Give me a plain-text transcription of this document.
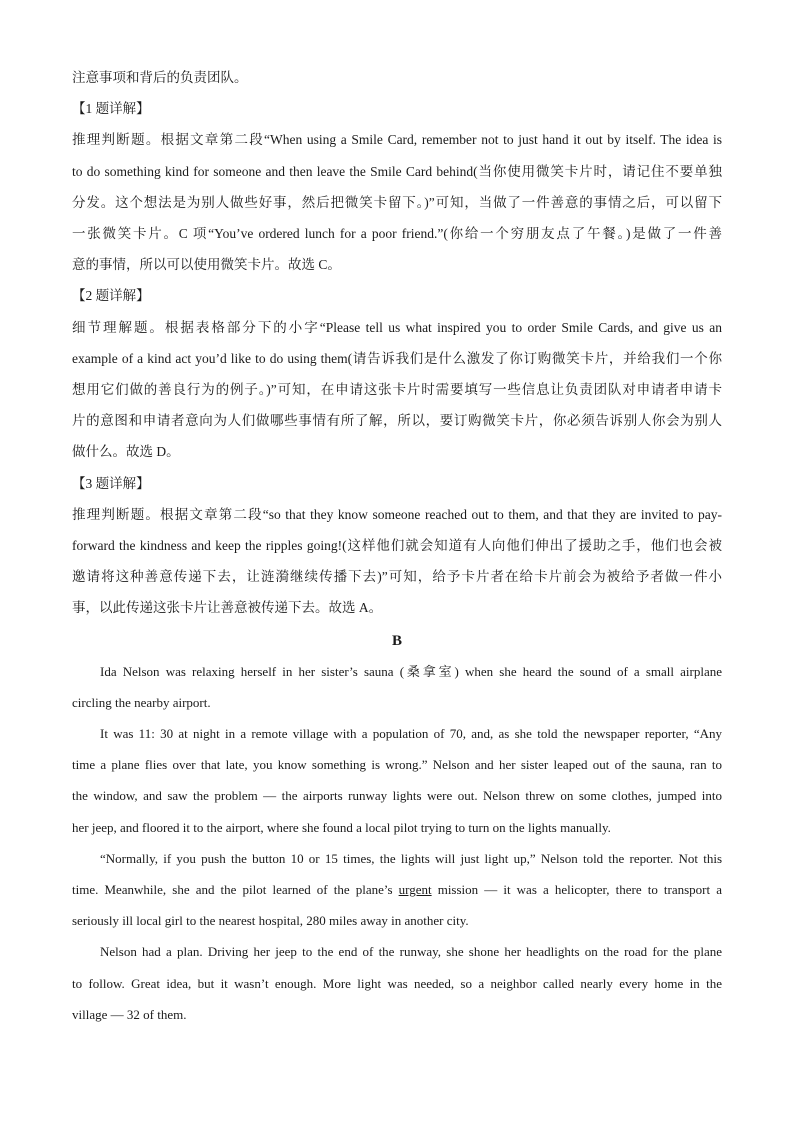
注意事项和背后的负责团队。

【1 题详解】

推理判断题。根据文章第二段“When using a Smile Card, remember not to just hand it out by itself. The idea is

to do something kind for someone and then leave the Smile Card behind(当你使用微笑卡片时，请记住不要单独

分发。这个想法是为别人做些好事，然后把微笑卡留下。)”可知，当做了一件善意的事情之后，可以留下

一张微笑卡片。C 项“You’ve ordered lunch for a poor friend.”(你给一个穷朋友点了午餐。)是做了一件善

意的事情，所以可以使用微笑卡片。故选 C。

【2 题详解】

细节理解题。根据表格部分下的小字“Please tell us what inspired you to order Smile Cards, and give us an

example of a kind act you’d like to do using them(请告诉我们是什么激发了你订购微笑卡片，并给我们一个你

想用它们做的善良行为的例子。)”可知，在申请这张卡片时需要填写一些信息让负责团队对申请者申请卡

片的意图和申请者意向为人们做哪些事情有所了解，所以，要订购微笑卡片，你必须告诉别人你会为别人

做什么。故选 D。

【3 题详解】

推理判断题。根据文章第二段“so that they know someone reached out to them, and that they are invited to pay-

forward the kindness and keep the ripples going!(这样他们就会知道有人向他们伸出了援助之手，他们也会被

邀请将这种善意传递下去，让涟漪继续传播下去)”可知，给予卡片者在给卡片前会为被给予者做一件小

事，以此传递这张卡片让善意被传递下去。故选 A。

B

Ida Nelson was relaxing herself in her sister’s sauna (桑拿室) when she heard the sound of a small airplane

circling the nearby airport.

It was 11: 30 at night in a remote village with a population of 70, and, as she told the newspaper reporter, “Any

time a plane flies over that late, you know something is wrong.” Nelson and her sister leaped out of the sauna, ran to

the window, and saw the problem — the airports runway lights were out. Nelson threw on some clothes, jumped into

her jeep, and floored it to the airport, where she found a local pilot trying to turn on the lights manually.

“Normally, if you push the button 10 or 15 times, the lights will just light up,” Nelson told the reporter. Not this

time. Meanwhile, she and the pilot learned of the plane’s urgent mission — it was a helicopter, there to transport a

seriously ill local girl to the nearest hospital, 280 miles away in another city.

Nelson had a plan. Driving her jeep to the end of the runway, she shone her headlights on the road for the plane

to follow. Great idea, but it wasn’t enough. More light was needed, so a neighbor called nearly every home in the

village — 32 of them.
